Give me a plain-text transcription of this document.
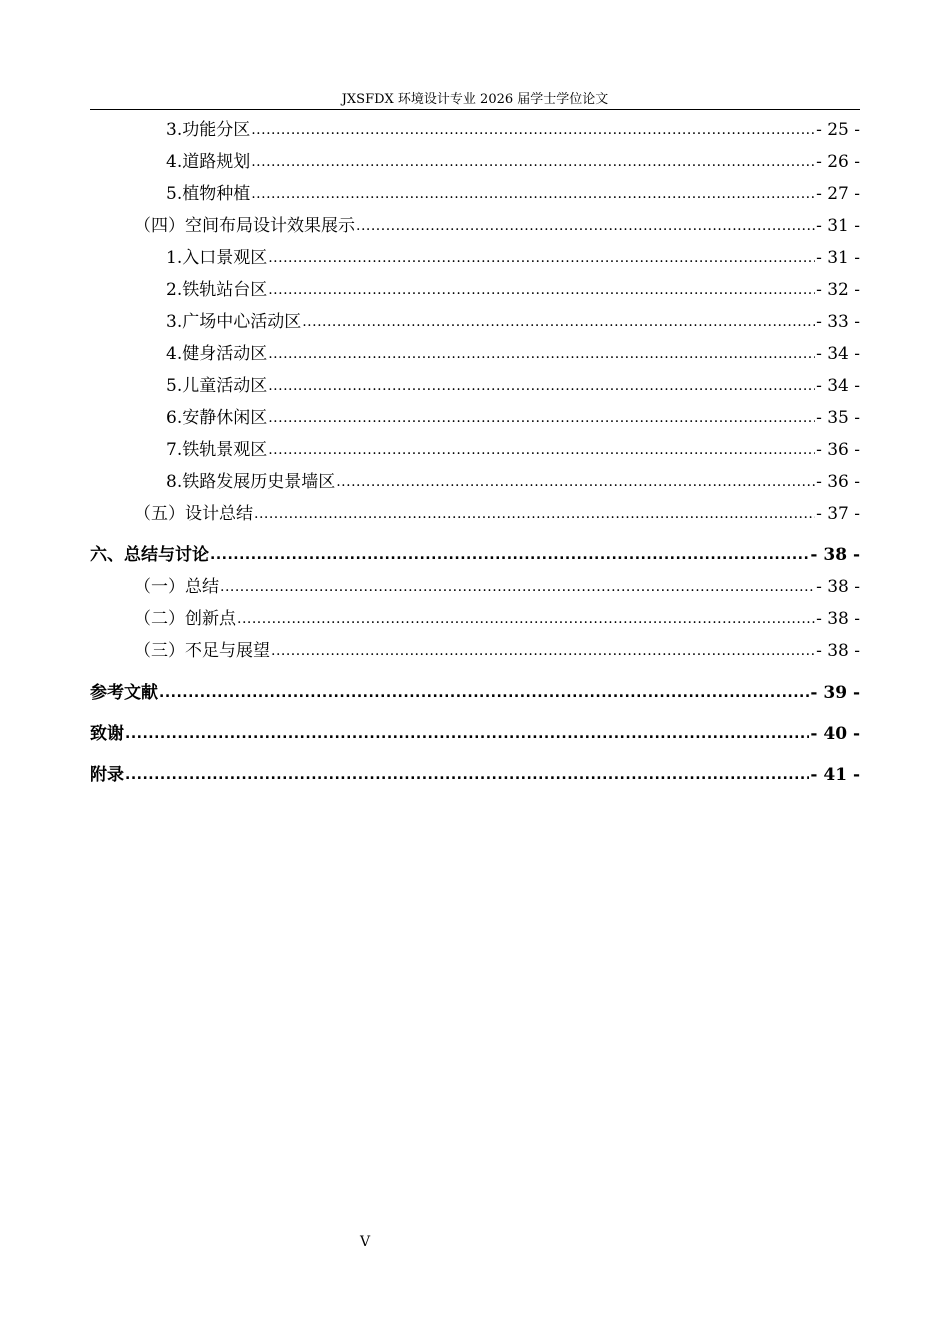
JXSFDX 环境设计专业 2026 届学士学位论文
3.功能分区 .....	- 25 -
4.道路规划 .....	- 26 -
5.植物种植 .....	- 27 -
（四）空间布局设计效果展示 .....	- 31 -
1.入口景观区 .....	- 31 -
2.铁轨站台区 .....	- 32 -
3.广场中心活动区 .....	- 33 -
4.健身活动区 .....	- 34 -
5.儿童活动区 .....	- 34 -
6.安静休闲区 .....	- 35 -
7.铁轨景观区 .....	- 36 -
8.铁路发展历史景墙区 .....	- 36 -
（五）设计总结 .....	- 37 -
六、总结与讨论 .....	- 38 -
（一）总结 .....	- 38 -
（二）创新点 .....	- 38 -
（三）不足与展望 .....	- 38 -
参考文献 .....	- 39 -
致谢 .....	- 40 -
附录 .....	- 41 -
V
